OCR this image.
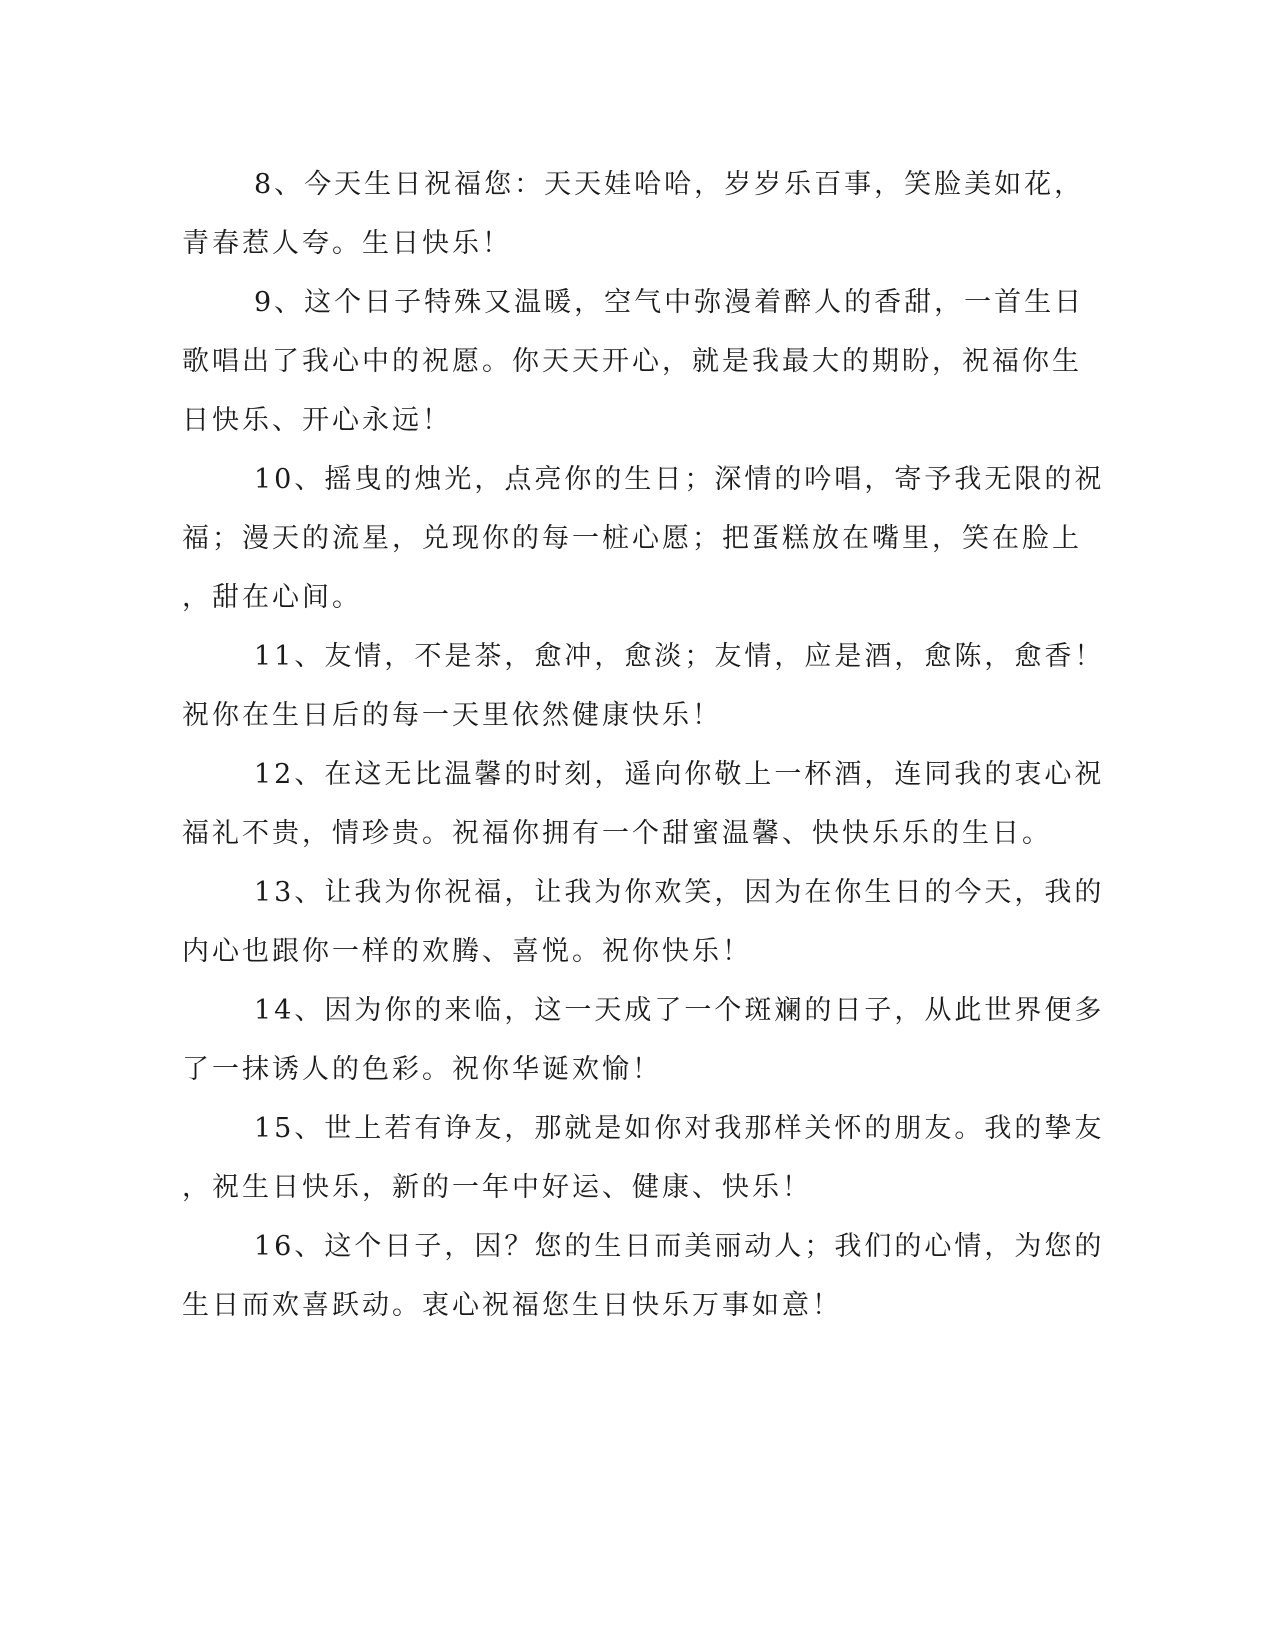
8、今天生日祝福您：天天娃哈哈，岁岁乐百事，笑脸美如花，
青春惹人夸。生日快乐！

9、这个日子特殊又温暖，空气中弥漫着醉人的香甜，一首生日
歌唱出了我心中的祝愿。你天天开心，就是我最大的期盼，祝福你生
日快乐、开心永远！

10、摇曳的烛光，点亮你的生日；深情的吟唱，寄予我无限的祝
福；漫天的流星，兑现你的每一桩心愿；把蛋糕放在嘴里，笑在脸上
，甜在心间。

11、友情，不是茶，愈冲，愈淡；友情，应是酒，愈陈，愈香！
祝你在生日后的每一天里依然健康快乐！

12、在这无比温馨的时刻，遥向你敬上一杯酒，连同我的衷心祝
福礼不贵，情珍贵。祝福你拥有一个甜蜜温馨、快快乐乐的生日。

13、让我为你祝福，让我为你欢笑，因为在你生日的今天，我的
内心也跟你一样的欢腾、喜悦。祝你快乐！

14、因为你的来临，这一天成了一个斑斓的日子，从此世界便多
了一抹诱人的色彩。祝你华诞欢愉！

15、世上若有诤友，那就是如你对我那样关怀的朋友。我的挚友
，祝生日快乐，新的一年中好运、健康、快乐！

16、这个日子，因？您的生日而美丽动人；我们的心情，为您的
生日而欢喜跃动。衷心祝福您生日快乐万事如意！
